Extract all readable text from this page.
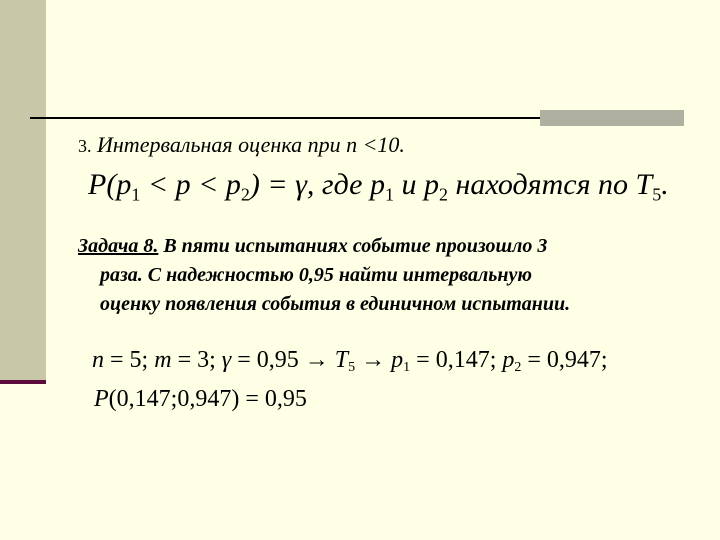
3. Интервальная оценка при n <10.
$P(p_1 < p < p_2) = \gamma$, где $p_1$ и $p_2$ находятся по $T_5$.
Задача 8. В пяти испытаниях событие произошло 3
раза. С надежностью 0,95 найти интервальную
оценку появления события в единичном испытании.
n = 5; m = 3; $\gamma = 0,95 \to T_5 \to p_1 = 0,147$; $p_2 = 0,947$;
P(0,147;0,947) = 0,95
